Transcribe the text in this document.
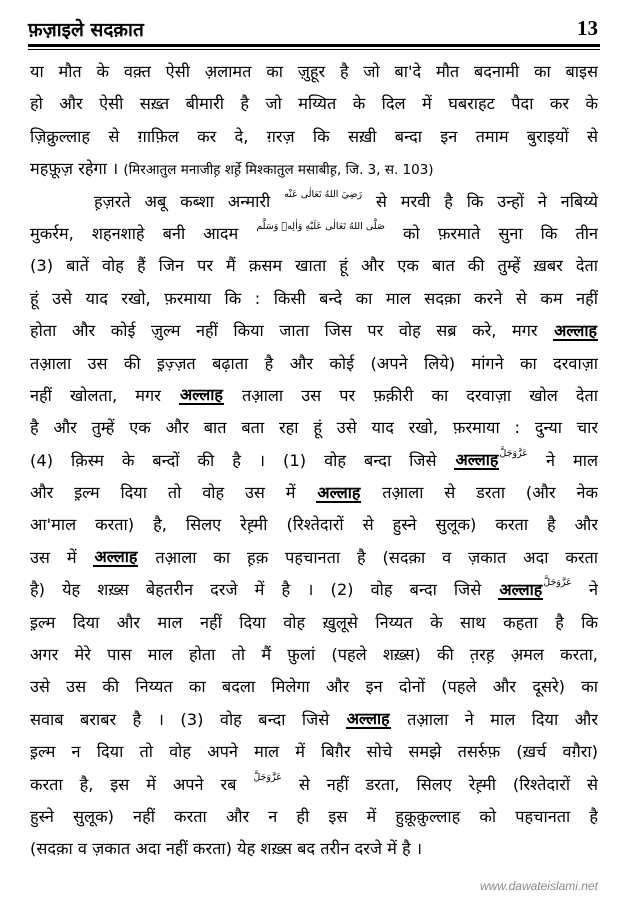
फ़ज़ाइले सदक़ात	13
या मौत के वक़्त ऐसी अ़लामत का ज़ुहूर है जो बा'दे मौत बदनामी का बाइस
हो और ऐसी सख़्त बीमारी है जो मय्यित के दिल में घबराहट पैदा कर के
ज़िक्रुल्लाह से ग़ाफ़िल कर दे, ग़रज़ कि सख़ी बन्दा इन तमाम बुराइयों से
महफ़ूज़ रहेगा । (मिरआतुल मनाजीह़ शर्ह़े मिश्कातुल मसाबीह़, जि. 3, स. 103)
ह़ज़रते अबू कब्शा अन्मारी رَضِيَ اللهُ تَعَالٰى عَنْه से मरवी है कि उन्हों ने नबिय्ये
मुकर्रम, शहनशाहे बनी आदम صَلَّى اللهُ تَعَالٰى عَلَيْهِ وَاٰلِهٖ وَسَلَّم को फ़रमाते सुना कि तीन
(3) बातें वोह हैं जिन पर मैं क़सम खाता हूं और एक बात की तुम्हें ख़बर देता
हूं उसे याद रखो, फ़रमाया कि : किसी बन्दे का माल सदक़ा करने से कम नहीं
होता और कोई ज़ुल्म नहीं किया जाता जिस पर वोह सब्र करे, मगर अल्लाह
तआ़ला उस की इ़ज़्ज़त बढ़ाता है और कोई (अपने लिये) मांगने का दरवाज़ा
नहीं खोलता, मगर अल्लाह तआ़ला उस पर फ़क़ीरी का दरवाज़ा खोल देता
है और तुम्हें एक और बात बता रहा हूं उसे याद रखो, फ़रमाया : दुन्या चार
(4) क़िस्म के बन्दों की है । (1) वोह बन्दा जिसे अल्लाहعَزَّوَجَلَّ ने माल
और इ़ल्म दिया तो वोह उस में अल्लाह तआ़ला से डरता (और नेक
आ'माल करता) है, सिलए रेह़्मी (रिश्तेदारों से हुस्ने सुलूक) करता है और
उस में अल्लाह तआ़ला का ह़क़ पहचानता है (सदक़ा व ज़कात अदा करता
है) येह शख़्स बेहतरीन दरजे में है । (2) वोह बन्दा जिसे अल्लाहعَزَّوَجَلَّ ने
इ़ल्म दिया और माल नहीं दिया वोह ख़ुलूसे निय्यत के साथ कहता है कि
अगर मेरे पास माल होता तो मैं फ़ुलां (पहले शख़्स) की त़रह़ अ़मल करता,
उसे उस की निय्यत का बदला मिलेगा और इन दोनों (पहले और दूसरे) का
सवाब बराबर है । (3) वोह बन्दा जिसे अल्लाह तआ़ला ने माल दिया और
इ़ल्म न दिया तो वोह अपने माल में बिग़ैर सोचे समझे तसर्रुफ़ (ख़र्च वग़ैरा)
करता है, इस में अपने रब عَزَّوَجَلَّ से नहीं डरता, सिलए रेह़्मी (रिश्तेदारों से
हुस्ने सुलूक) नहीं करता और न ही इस में हुक़ूक़ुल्लाह को पहचानता है
(सदक़ा व ज़कात अदा नहीं करता) येह शख़्स बद तरीन दरजे में है ।
www.dawateislami.net
